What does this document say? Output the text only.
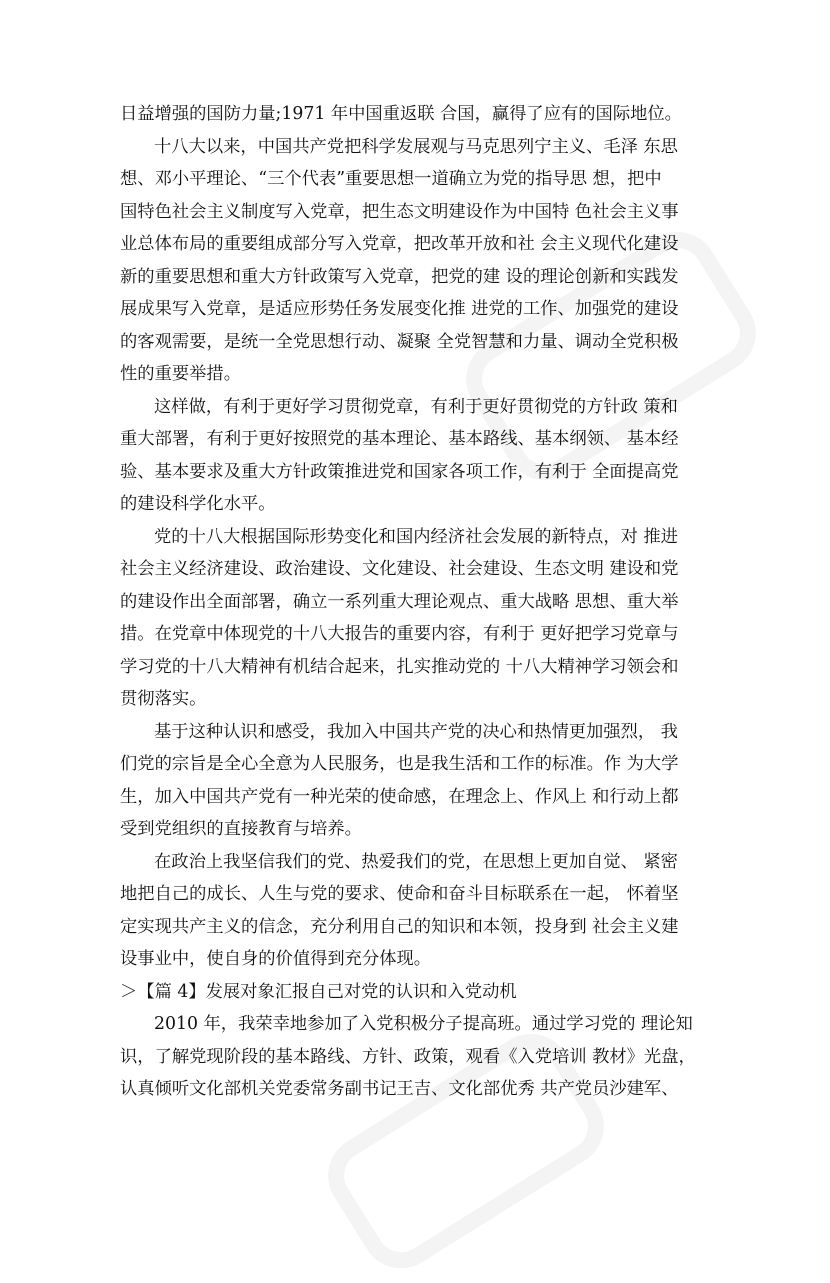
日益增强的国防力量;1971 年中国重返联 合国，赢得了应有的国际地位。
十八大以来，中国共产党把科学发展观与马克思列宁主义、毛泽 东思
想、邓小平理论、“三个代表”重要思想一道确立为党的指导思 想，把中
国特色社会主义制度写入党章，把生态文明建设作为中国特 色社会主义事
业总体布局的重要组成部分写入党章，把改革开放和社 会主义现代化建设
新的重要思想和重大方针政策写入党章，把党的建 设的理论创新和实践发
展成果写入党章，是适应形势任务发展变化推 进党的工作、加强党的建设
的客观需要，是统一全党思想行动、凝聚 全党智慧和力量、调动全党积极
性的重要举措。
这样做，有利于更好学习贯彻党章，有利于更好贯彻党的方针政 策和
重大部署，有利于更好按照党的基本理论、基本路线、基本纲领、 基本经
验、基本要求及重大方针政策推进党和国家各项工作，有利于 全面提高党
的建设科学化水平。
党的十八大根据国际形势变化和国内经济社会发展的新特点，对 推进
社会主义经济建设、政治建设、文化建设、社会建设、生态文明 建设和党
的建设作出全面部署，确立一系列重大理论观点、重大战略 思想、重大举
措。在党章中体现党的十八大报告的重要内容，有利于 更好把学习党章与
学习党的十八大精神有机结合起来，扎实推动党的 十八大精神学习领会和
贯彻落实。
基于这种认识和感受，我加入中国共产党的决心和热情更加强烈， 我
们党的宗旨是全心全意为人民服务，也是我生活和工作的标准。作 为大学
生，加入中国共产党有一种光荣的使命感，在理念上、作风上 和行动上都
受到党组织的直接教育与培养。
在政治上我坚信我们的党、热爱我们的党，在思想上更加自觉、 紧密
地把自己的成长、人生与党的要求、使命和奋斗目标联系在一起， 怀着坚
定实现共产主义的信念，充分利用自己的知识和本领，投身到 社会主义建
设事业中，使自身的价值得到充分体现。
＞【篇 4】发展对象汇报自己对党的认识和入党动机
2010 年，我荣幸地参加了入党积极分子提高班。通过学习党的 理论知
识，了解党现阶段的基本路线、方针、政策，观看《入党培训 教材》光盘，
认真倾听文化部机关党委常务副书记王吉、文化部优秀 共产党员沙建军、
